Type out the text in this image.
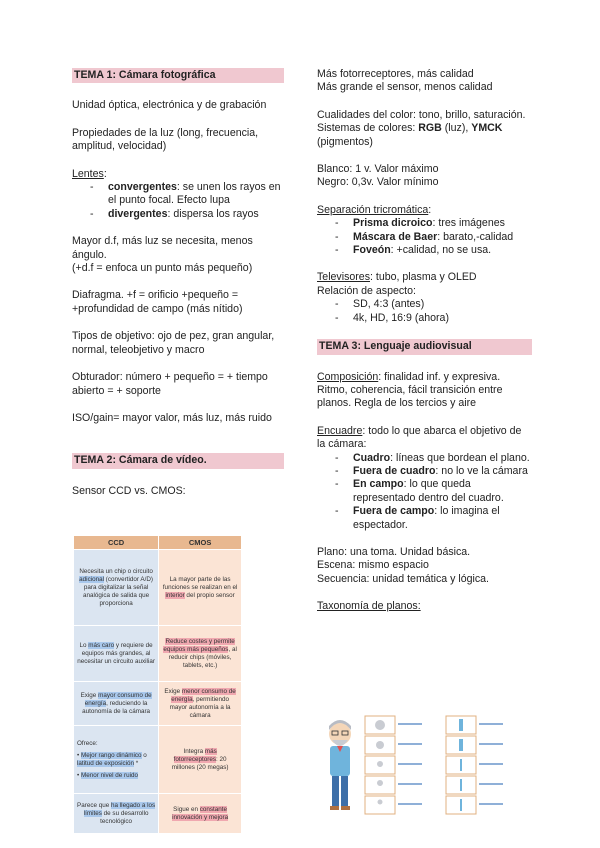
TEMA 1: Cámara fotográfica

Unidad óptica, electrónica y de grabación

Propiedades de la luz (long, frecuencia, amplitud, velocidad)

Lentes:
- convergentes: se unen los rayos en el punto focal. Efecto lupa
- divergentes: dispersa los rayos
Mayor d.f, más luz se necesita, menos ángulo.
(+d.f = enfoca un punto más pequeño)

Diafragma. +f = orificio +pequeño = +profundidad de campo (más nítido)

Tipos de objetivo: ojo de pez, gran angular, normal, teleobjetivo y macro

Obturador: número + pequeño = + tiempo abierto = + soporte

ISO/gain= mayor valor, más luz, más ruido

TEMA 2: Cámara de vídeo.

Sensor CCD vs. CMOS:

CCD	CMOS
Necesita un chip o circuito adicional (convertidor A/D) para digitalizar la señal analógica de salida que proporciona	La mayor parte de las funciones se realizan en el interior del propio sensor
Lo más caro y requiere de equipos más grandes, al necesitar un circuito auxiliar	Reduce costes y permite equipos más pequeños, al reducir chips (móviles, tablets, etc.)
Exige mayor consumo de energía, reduciendo la autonomía de la cámara	Exige menor consumo de energía, permitiendo mayor autonomía a la cámara

Ofrece:
• Mejor rango dinámico o latitud de exposición *
• Menor nivel de ruido	Integra más fotorreceptores: 20 millones (20 megas)
Parece que ha llegado a los límites de su desarrollo tecnológico	Sigue en constante innovación y mejora
Más fotorreceptores, más calidad
Más grande el sensor, menos calidad
Cualidades del color: tono, brillo, saturación.
Sistemas de colores: RGB (luz), YMCK (pigmentos)
Blanco: 1 v. Valor máximo
Negro: 0,3v. Valor mínimo
Separación tricromática:
- Prisma dicroico: tres imágenes
- Máscara de Baer: barato,-calidad
- Foveón: +calidad, no se usa.
Televisores: tubo, plasma y OLED
Relación de aspecto:
- SD, 4:3 (antes)
- 4k, HD, 16:9 (ahora)
TEMA 3: Lenguaje audiovisual

Composición: finalidad inf. y expresiva. Ritmo, coherencia, fácil transición entre planos. Regla de los tercios y aire

Encuadre: todo lo que abarca el objetivo de la cámara:
- Cuadro: líneas que bordean el plano.
- Fuera de cuadro: no lo ve la cámara
- En campo: lo que queda representado dentro del cuadro.
- Fuera de campo: lo imagina el espectador.
Plano: una toma. Unidad básica.
Escena: mismo espacio
Secuencia: unidad temática y lógica.
Taxonomía de planos:
